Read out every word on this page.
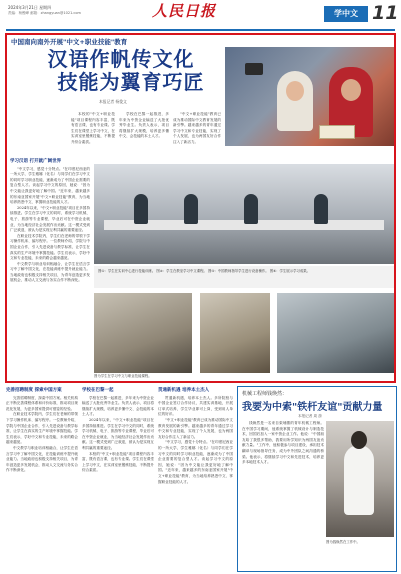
2024年3月21日 星期四
责编：杨俊峰 邮箱：zhangyuan@1021.com	人民日报	学中文 11
中国南向南外开展"中文+职业技能"教育
汉语作帆传文化
技能为翼育巧匠
本报记者 杨俊文

本校的"中文+职业技能"项目课程内容丰富，既有语言课，也有专业课。学生们在课堂上学习中文，在实训室里锻炼技能，不断提升综合素质。

学校在巴黎一起推进，多年来为中资企业输送了大批优秀毕业生。负责人表示，项目将继续扩大规模，培养更多懂中文、会技能的本土人才。

"中文+职业技能"教育已成为推动国际中文教育发展的新引擎。越来越多的青年通过学习中文和专业技能，实现了个人发展，也为两国友好合作注入了新活力。

学习汉语 打开就广阔世界

"中文学习，感觉十分特点。"在印度尼西亚的一所大学，学生雅娜（化名）与同学们在学习中文的同时学习职业技能，逐渐成为了中国企业需要的复合型人才。谈起学习中文的原因，她说："因为中文能让我更好地了解中国。"近年来，越来越多的东南亚国家开展"中文+职业技能"教育，为当地培养熟悉中文、掌握职业技能的人才。

2024年以来，"中文+职业技能"项目在多国持续推进。学生在学习中文的同时，系统学习机械、电子、旅游等专业课程，毕业后可在中资企业就业，为当地经济社会发展作出贡献。这一模式受到广泛欢迎，被认为是实现互利共赢的重要途径。

在职业技术学院内，学生们在老师的带领下学习操作机床、编写程序。一位教师介绍，学院与中国企业合作，引入先进设备与教学标准，让学生在真实的生产环境中掌握技能。学生们表示，学好中文和专业技能，未来的路会越来越宽。

中文教学与职业培训相融合，让学生在语言学习中了解中国文化，在技能训练中提升就业能力。当地政府也积极支持相关项目，为青年创造更多发展机会，推动人文交流与务实合作不断深化。

图①：学生在实训中心进行技能训练。 图②：学生在教室学习中文课程。 图③：中国教师指导学生进行设备操作。 图④：学生展示学习成果。
图为学生在学习中文与职业技能课程。

完善招聘制度 探索中国方案

完善招聘制度，探索中国方案。相关机构正不断完善课程体系和评价标准，推动项目规范化发展，为更多国家提供可借鉴的经验。

在职业技术学院内，学生们在老师的带领下学习操作机床、编写程序。一位教师介绍，学院与中国企业合作，引入先进设备与教学标准，让学生在真实的生产环境中掌握技能。学生们表示，学好中文和专业技能，未来的路会越来越宽。

中文教学与职业培训相融合，让学生在语言学习中了解中国文化，在技能训练中提升就业能力。当地政府也积极支持相关项目，为青年创造更多发展机会，推动人文交流与务实合作不断深化。

学校在巴黎一起

学校在巴黎一起推进，多年来为中资企业输送了大批优秀毕业生。负责人表示，项目将继续扩大规模，培养更多懂中文、会技能的本土人才。

2024年以来，"中文+职业技能"项目在多国持续推进。学生在学习中文的同时，系统学习机械、电子、旅游等专业课程，毕业后可在中资企业就业，为当地经济社会发展作出贡献。这一模式受到广泛欢迎，被认为是实现互利共赢的重要途径。

本校的"中文+职业技能"项目课程内容丰富，既有语言课，也有专业课。学生们在课堂上学习中文，在实训室里锻炼技能，不断提升综合素质。

贯通新机遇 培养本土杰人

贯通新机遇，培养本土杰人。多所院校与中国企业签订合作协议，共建实训基地，开展订单式培养，学生毕业即可上岗，受到用人单位的好评。

"中文+职业技能"教育已成为推动国际中文教育发展的新引擎。越来越多的青年通过学习中文和专业技能，实现了个人发展，也为两国友好合作注入了新活力。

"中文学习，感觉十分特点。"在印度尼西亚的一所大学，学生雅娜（化名）与同学们在学习中文的同时学习职业技能，逐渐成为了中国企业需要的复合型人才。谈起学习中文的原因，她说："因为中文能让我更好地了解中国。"近年来，越来越多的东南亚国家开展"中文+职业技能"教育，为当地培养熟悉中文、掌握职业技能的人才。

机械工程师钱焕然：
我要为中索"铁杆友谊"贡献力量
本报记者 周 游

钱焕然是一名来自柬埔寨的青年机械工程师。在中国学习期间，他系统掌握了机械设计与制造技术，回国后加入一家中资企业工作。他说："中国朋友给了我很多帮助，我要用所学知识为两国友谊贡献力量。"工作中，他积极参与项目建设，承担技术翻译与现场指导任务，成为中外团队之间沟通的桥梁。他表示，将继续学习中文和先进技术，培养更多本地技术人才。

图为钱焕然在工作中。
